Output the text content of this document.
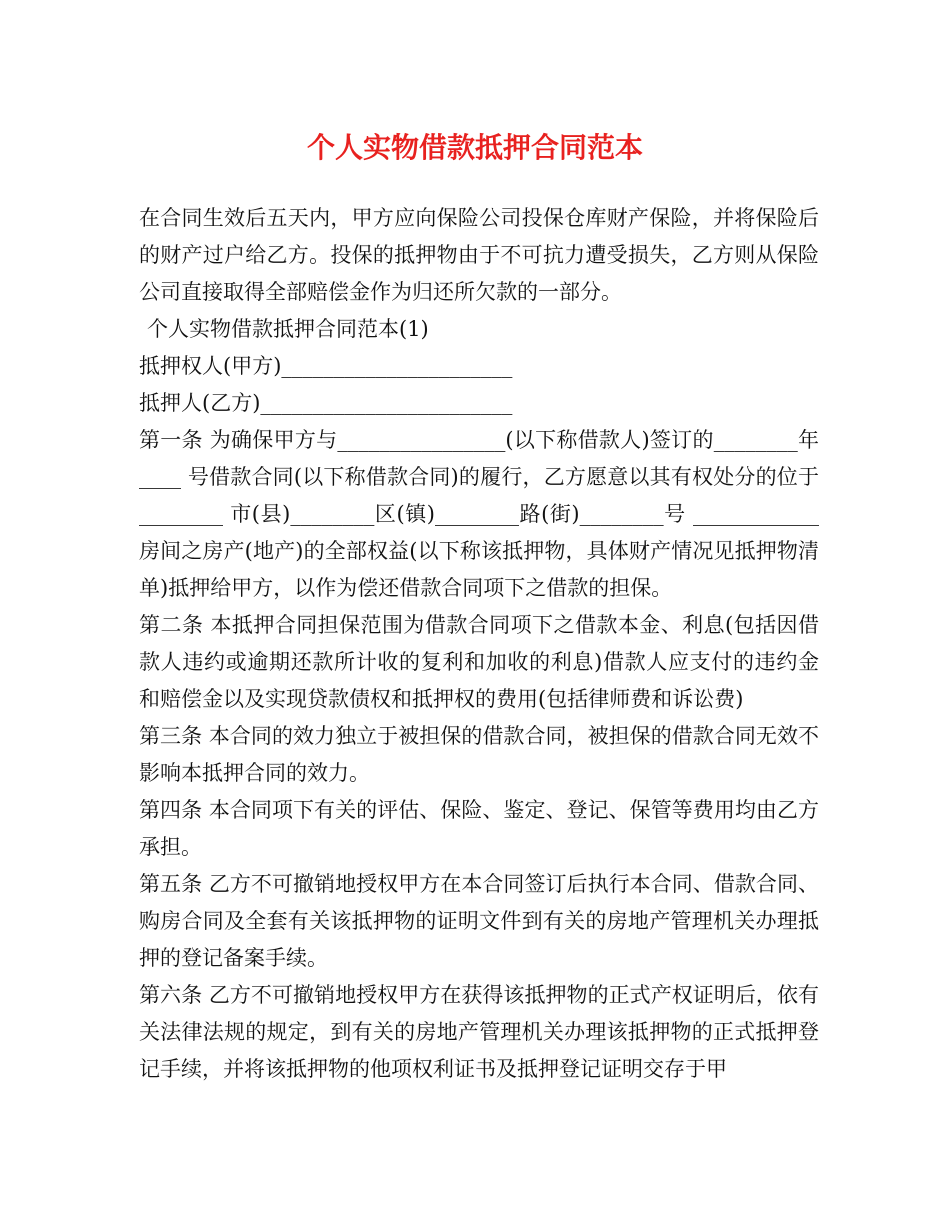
个人实物借款抵押合同范本

在合同生效后五天内，甲方应向保险公司投保仓库财产保险，并将保险后的财产过户给乙方。投保的抵押物由于不可抗力遭受损失，乙方则从保险公司直接取得全部赔偿金作为归还所欠款的一部分。

个人实物借款抵押合同范本(1)

抵押权人(甲方)______________________

抵押人(乙方)________________________

第一条 为确保甲方与________________(以下称借款人)签订的________年____ 号借款合同(以下称借款合同)的履行，乙方愿意以其有权处分的位于________ 市(县)________区(镇)________路(街)________号 ____________房间之房产(地产)的全部权益(以下称该抵押物，具体财产情况见抵押物清单)抵押给甲方，以作为偿还借款合同项下之借款的担保。

第二条 本抵押合同担保范围为借款合同项下之借款本金、利息(包括因借款人违约或逾期还款所计收的复利和加收的利息)借款人应支付的违约金和赔偿金以及实现贷款债权和抵押权的费用(包括律师费和诉讼费)

第三条 本合同的效力独立于被担保的借款合同，被担保的借款合同无效不影响本抵押合同的效力。

第四条 本合同项下有关的评估、保险、鉴定、登记、保管等费用均由乙方承担。

第五条 乙方不可撤销地授权甲方在本合同签订后执行本合同、借款合同、购房合同及全套有关该抵押物的证明文件到有关的房地产管理机关办理抵押的登记备案手续。

第六条 乙方不可撤销地授权甲方在获得该抵押物的正式产权证明后，依有关法律法规的规定，到有关的房地产管理机关办理该抵押物的正式抵押登记手续，并将该抵押物的他项权利证书及抵押登记证明交存于甲
